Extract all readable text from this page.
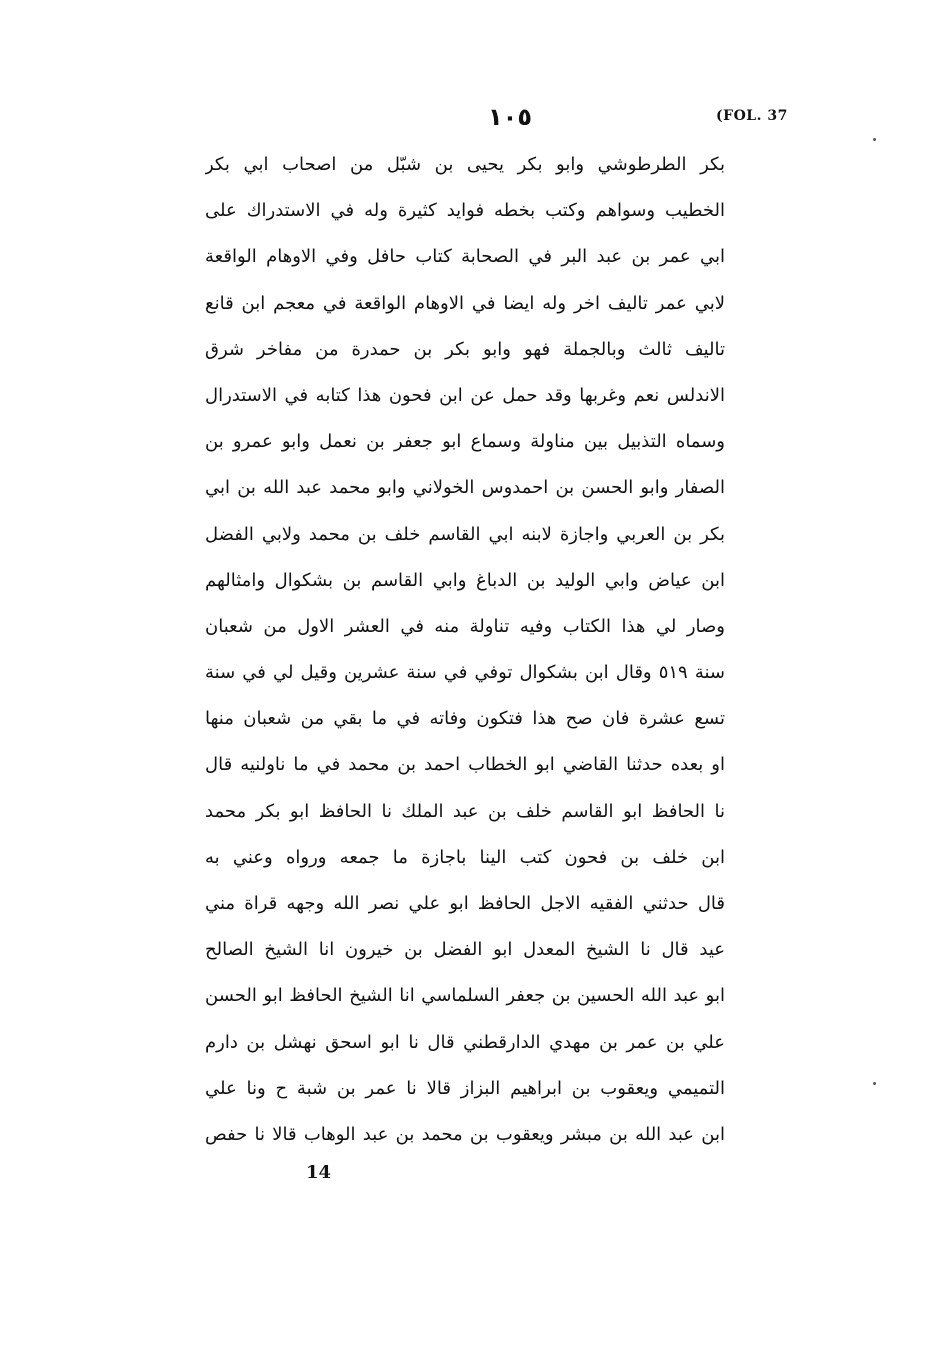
(FOL. 37
١٠٥
بكر الطرطوشي وابو بكر يحيى بن شبّل من اصحاب ابي بكر
الخطيب وسواهم وكتب بخطه فوايد كثيرة وله في الاستدراك على
ابي عمر بن عبد البر في الصحابة كتاب حافل وفي الاوهام الواقعة
لابي عمر تاليف اخر وله ايضا في الاوهام الواقعة في معجم ابن قانع
تاليف ثالث وبالجملة فهو وابو بكر بن حمدرة من مفاخر شرق
الاندلس نعم وغربها وقد حمل عن ابن فحون هذا كتابه في الاستدرال
وسماه التذبيل بين مناولة وسماع ابو جعفر بن نعمل وابو عمرو بن
الصفار وابو الحسن بن احمدوس الخولاني وابو محمد عبد الله بن ابي
بكر بن العربي واجازة لابنه ابي القاسم خلف بن محمد ولابي الفضل
ابن عياض وابي الوليد بن الدباغ وابي القاسم بن بشكوال وامثالهم
وصار لي هذا الكتاب وفيه تناولة منه في العشر الاول من شعبان
سنة ٥١٩ وقال ابن بشكوال توفي في سنة عشرين وقيل لي في سنة
تسع عشرة فان صح هذا فتكون وفاته في ما بقي من شعبان منها
او بعده حدثنا القاضي ابو الخطاب احمد بن محمد في ما ناولنيه قال
نا الحافظ ابو القاسم خلف بن عبد الملك نا الحافظ ابو بكر محمد
ابن خلف بن فحون كتب الينا باجازة ما جمعه ورواه وعني به
قال حدثني الفقيه الاجل الحافظ ابو علي نصر الله وجهه قراة مني
عيد قال نا الشيخ المعدل ابو الفضل بن خيرون انا الشيخ الصالح
ابو عبد الله الحسين بن جعفر السلماسي انا الشيخ الحافظ ابو الحسن
علي بن عمر بن مهدي الدارقطني قال نا ابو اسحق نهشل بن دارم
التميمي ويعقوب بن ابراهيم البزاز قالا نا عمر بن شبة ح ونا علي
ابن عبد الله بن مبشر ويعقوب بن محمد بن عبد الوهاب قالا نا حفص
14
